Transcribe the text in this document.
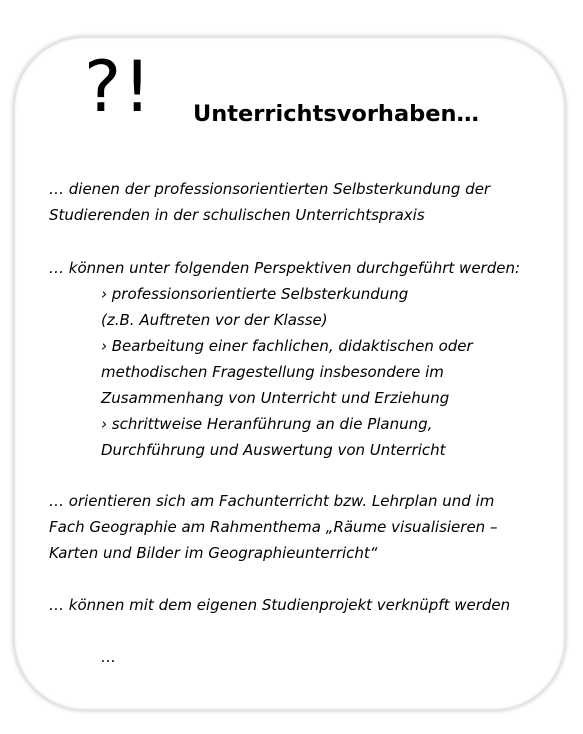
?! Unterrichtsvorhaben…
… dienen der professionsorientierten Selbsterkundung der
Studierenden in der schulischen Unterrichtspraxis
… können unter folgenden Perspektiven durchgeführt werden:
› professionsorientierte Selbsterkundung
(z.B. Auftreten vor der Klasse)
› Bearbeitung einer fachlichen, didaktischen oder
methodischen Fragestellung insbesondere im
Zusammenhang von Unterricht und Erziehung
› schrittweise Heranführung an die Planung,
Durchführung und Auswertung von Unterricht
… orientieren sich am Fachunterricht bzw. Lehrplan und im
Fach Geographie am Rahmenthema „Räume visualisieren –
Karten und Bilder im Geographieunterricht“
… können mit dem eigenen Studienprojekt verknüpft werden
…
